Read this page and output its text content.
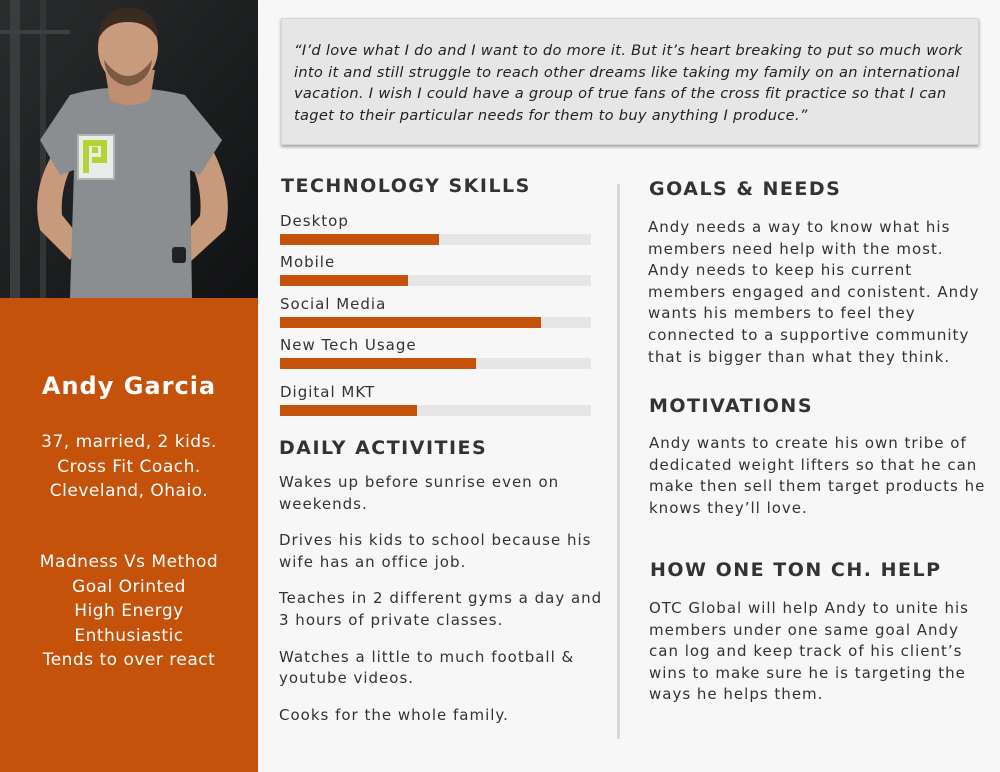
Andy Garcia
37, married, 2 kids.
Cross Fit Coach.
Cleveland, Ohaio.
Madness Vs Method
Goal Orinted
High Energy
Enthusiastic
Tends to over react

“I’d love what I do and I want to do more it. But it’s heart breaking to put so much work into it and still struggle to reach other dreams like taking my family on an international vacation. I wish I could have a group of true fans of the cross fit practice so that I can taget to their particular needs for them to buy anything I produce.”

TECHNOLOGY SKILLS
Desktop
Mobile
Social Media
New Tech Usage
Digital MKT
DAILY ACTIVITIES
Wakes up before sunrise even on weekends.
Drives his kids to school because his wife has an office job.
Teaches in 2 different gyms a day and 3 hours of private classes.
Watches a little to much football & youtube videos.
Cooks for the whole family.
GOALS & NEEDS
Andy needs a way to know what his members need help with the most. Andy needs to keep his current members engaged and conistent. Andy wants his members to feel they connected to a supportive community that is bigger than what they think.
MOTIVATIONS
Andy wants to create his own tribe of dedicated weight lifters so that he can make then sell them target products he knows they’ll love.
HOW ONE TON CH. HELP
OTC Global will help Andy to unite his members under one same goal Andy can log and keep track of his client’s wins to make sure he is targeting the ways he helps them.
